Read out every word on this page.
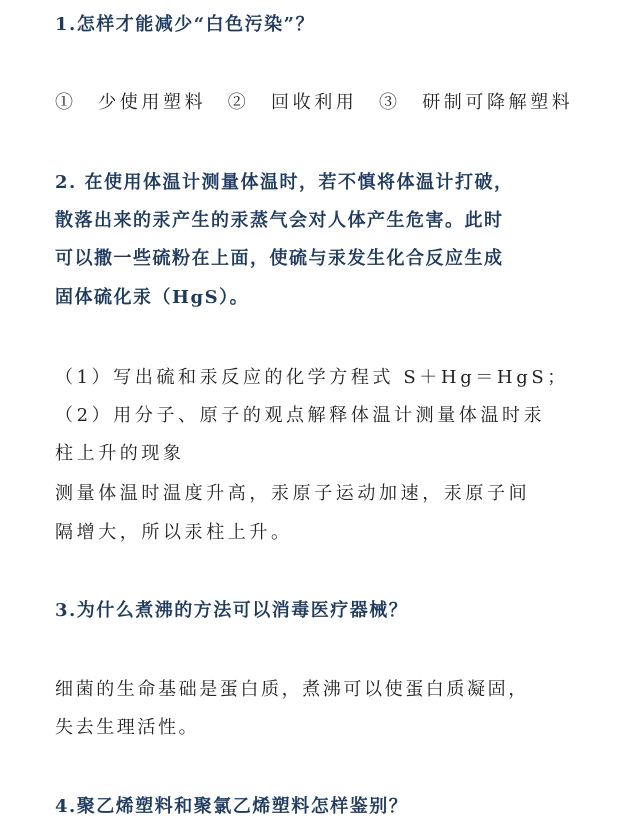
1.怎样才能减少“白色污染”？
①　少使用塑料　②　回收利用　③　研制可降解塑料
2. 在使用体温计测量体温时，若不慎将体温计打破，
散落出来的汞产生的汞蒸气会对人体产生危害。此时
可以撒一些硫粉在上面，使硫与汞发生化合反应生成
固体硫化汞（HgS）。
（1）写出硫和汞反应的化学方程式 S＋Hg＝HgS；
（2）用分子、原子的观点解释体温计测量体温时汞
柱上升的现象
测量体温时温度升高，汞原子运动加速，汞原子间
隔增大，所以汞柱上升。
3.为什么煮沸的方法可以消毒医疗器械？
细菌的生命基础是蛋白质，煮沸可以使蛋白质凝固，
失去生理活性。
4.聚乙烯塑料和聚氯乙烯塑料怎样鉴别？
